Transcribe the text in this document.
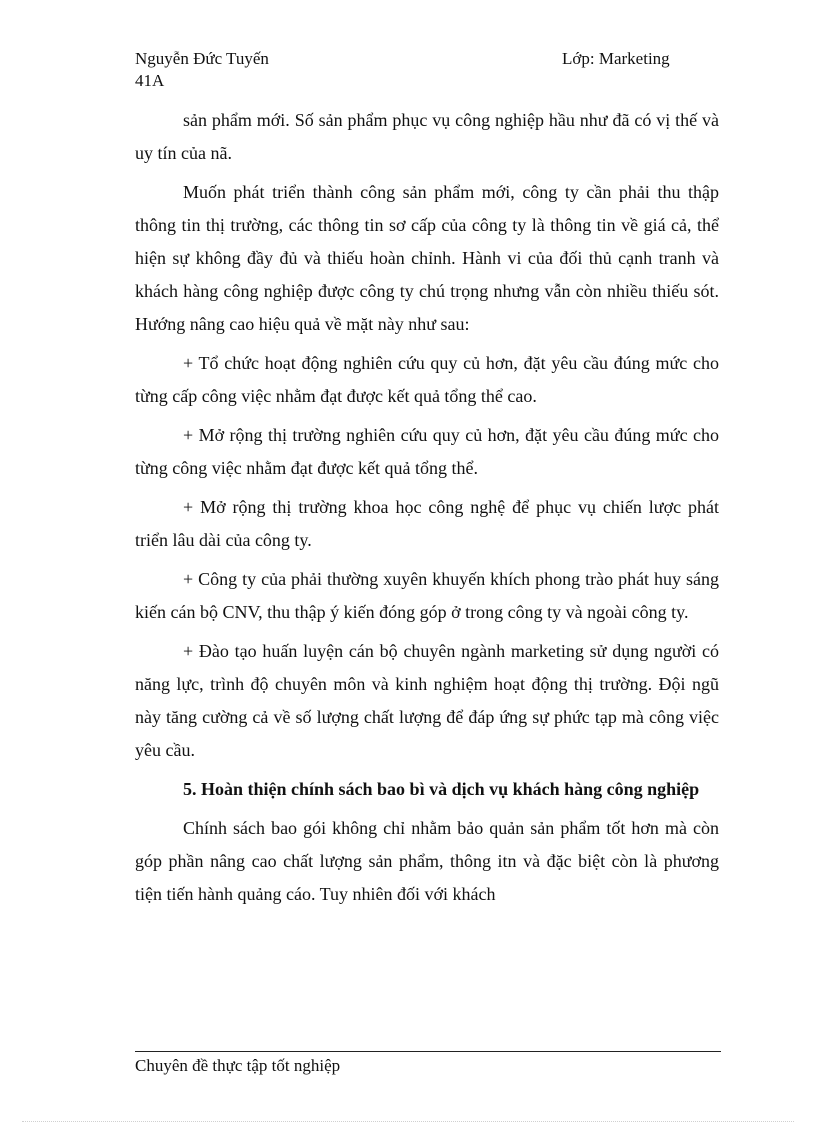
Nguyễn Đức Tuyến
41A
Lớp: Marketing

sản phẩm mới. Số sản phẩm phục vụ công nghiệp hầu như đã có vị thế và uy tín của nã.

Muốn phát triển thành công sản phẩm mới, công ty cần phải thu thập thông tin thị trường, các thông tin sơ cấp của công ty là thông tin về giá cả, thể hiện sự không đầy đủ và thiếu hoàn chỉnh. Hành vi của đối thủ cạnh tranh và khách hàng công nghiệp được công ty chú trọng nhưng vẫn còn nhiều thiếu sót. Hướng nâng cao hiệu quả về mặt này như sau:

+ Tổ chức hoạt động nghiên cứu quy củ hơn, đặt yêu cầu đúng mức cho từng cấp công việc nhằm đạt được kết quả tổng thể cao.

+ Mở rộng thị trường nghiên cứu quy củ hơn, đặt yêu cầu đúng mức cho từng công việc nhằm đạt được kết quả tổng thể.

+ Mở rộng thị trường khoa học công nghệ để phục vụ chiến lược phát triển lâu dài của công ty.

+ Công ty của phải thường xuyên khuyến khích phong trào phát huy sáng kiến cán bộ CNV, thu thập ý kiến đóng góp ở trong công ty và ngoài công ty.

+ Đào tạo huấn luyện cán bộ chuyên ngành marketing sử dụng người có năng lực, trình độ chuyên môn và kinh nghiệm hoạt động thị trường. Đội ngũ này tăng cường cả về số lượng chất lượng để đáp ứng sự phức tạp mà công việc yêu cầu.

5. Hoàn thiện chính sách bao bì và dịch vụ khách hàng công nghiệp

Chính sách bao gói không chỉ nhằm bảo quản sản phẩm tốt hơn mà còn góp phần nâng cao chất lượng sản phẩm, thông itn và đặc biệt còn là phương tiện tiến hành quảng cáo. Tuy nhiên đối với khách

Chuyên đề thực tập tốt nghiệp
